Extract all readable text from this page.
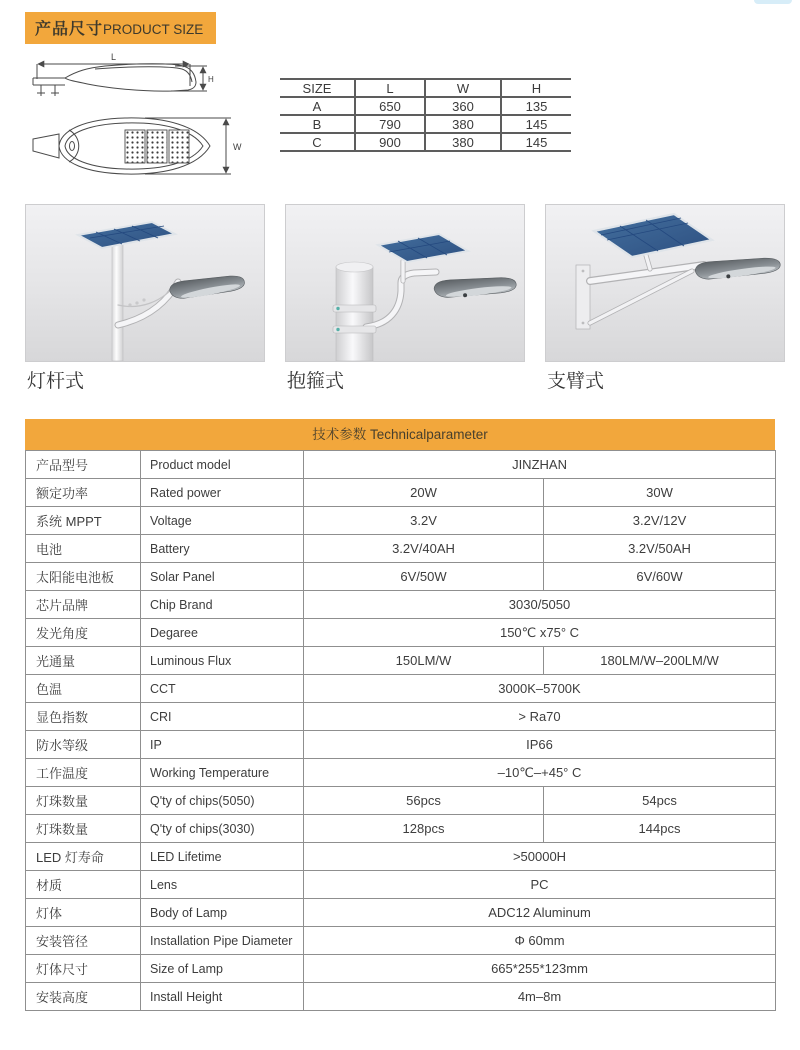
产品尺寸PRODUCT SIZE
L
H
W
SIZE	L	W	H
A	650	360	135
B	790	380	145
C	900	380	145
灯杆式	抱箍式	支臂式
技术参数 Technicalparameter
产品型号	Product model	JINZHAN	
额定功率	Rated power	20W	30W
系统 MPPT	Voltage	3.2V	3.2V/12V
电池	Battery	3.2V/40AH	3.2V/50AH
太阳能电池板	Solar Panel	6V/50W	6V/60W
芯片品牌	Chip Brand	3030/5050	
发光角度	Degaree	150℃ x75° C	
光通量	Luminous Flux	150LM/W	180LM/W–200LM/W
色温	CCT	3000K–5700K	
显色指数	CRI	> Ra70	
防水等级	IP	IP66	
工作温度	Working Temperature	–10℃–+45° C	
灯珠数量	Q'ty of chips(5050)	56pcs	54pcs
灯珠数量	Q'ty of chips(3030)	128pcs	144pcs
LED 灯寿命	LED Lifetime	>50000H	
材质	Lens	PC	
灯体	Body of Lamp	ADC12 Aluminum	
安装管径	Installation Pipe Diameter	Φ 60mm	
灯体尺寸	Size of Lamp	665*255*123mm	
安装高度	Install Height	4m–8m	
